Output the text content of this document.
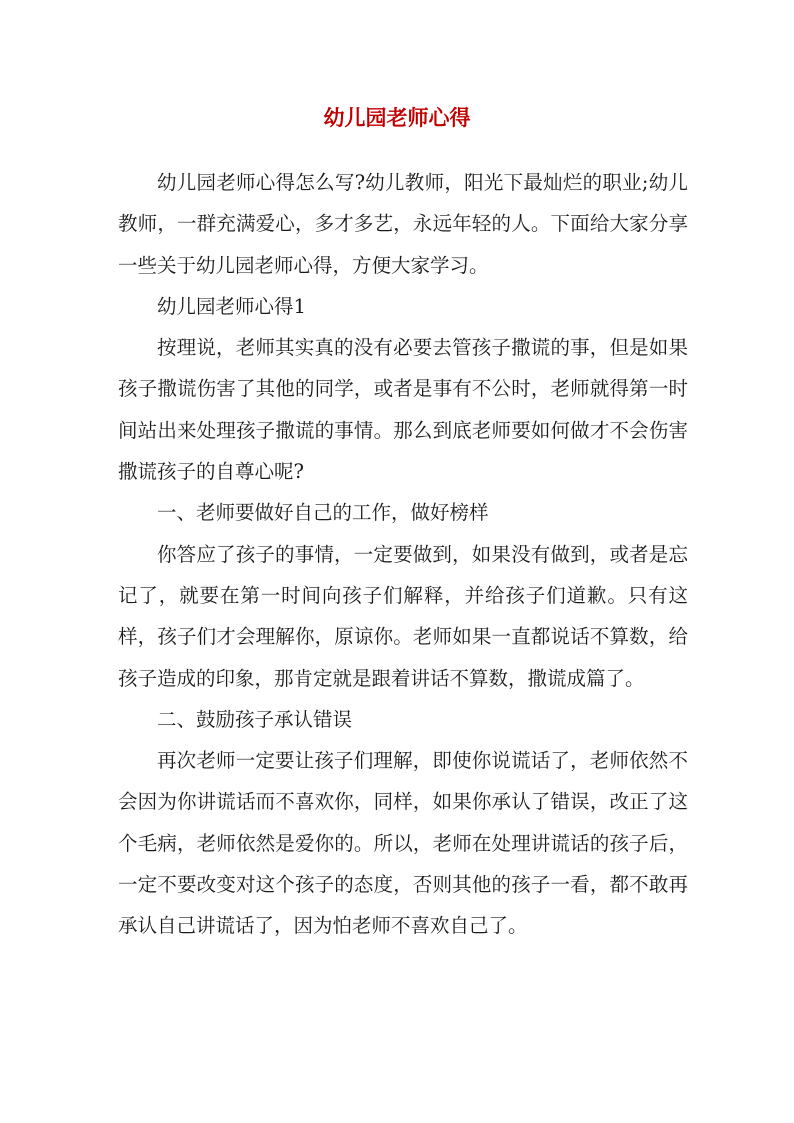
幼儿园老师心得

幼儿园老师心得怎么写?幼儿教师，阳光下最灿烂的职业;幼儿教师，一群充满爱心，多才多艺，永远年轻的人。下面给大家分享一些关于幼儿园老师心得，方便大家学习。

幼儿园老师心得1

按理说，老师其实真的没有必要去管孩子撒谎的事，但是如果孩子撒谎伤害了其他的同学，或者是事有不公时，老师就得第一时间站出来处理孩子撒谎的事情。那么到底老师要如何做才不会伤害撒谎孩子的自尊心呢?

一、老师要做好自己的工作，做好榜样

你答应了孩子的事情，一定要做到，如果没有做到，或者是忘记了，就要在第一时间向孩子们解释，并给孩子们道歉。只有这样，孩子们才会理解你，原谅你。老师如果一直都说话不算数，给孩子造成的印象，那肯定就是跟着讲话不算数，撒谎成篇了。

二、鼓励孩子承认错误

再次老师一定要让孩子们理解，即使你说谎话了，老师依然不会因为你讲谎话而不喜欢你，同样，如果你承认了错误，改正了这个毛病，老师依然是爱你的。所以，老师在处理讲谎话的孩子后，一定不要改变对这个孩子的态度，否则其他的孩子一看，都不敢再承认自己讲谎话了，因为怕老师不喜欢自己了。
